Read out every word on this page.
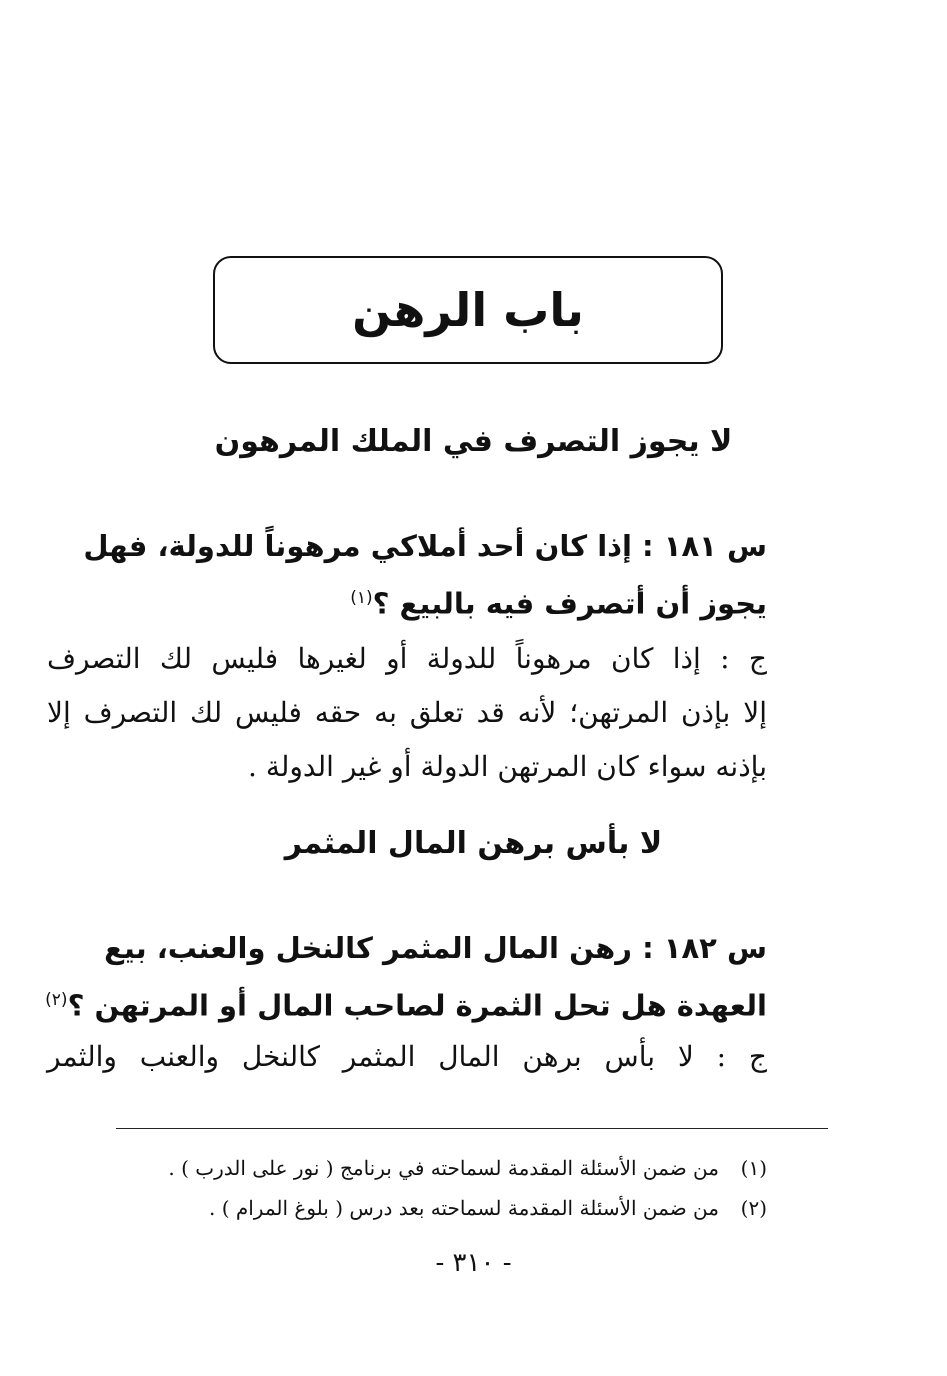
باب الرهن
لا يجوز التصرف في الملك المرهون
س ١٨١ : إذا كان أحد أملاكي مرهوناً للدولة، فهل
يجوز أن أتصرف فيه بالبيع ؟$^{(١)}$
ج : إذا كان مرهوناً للدولة أو لغيرها فليس لك التصرف
إلا بإذن المرتهن؛ لأنه قد تعلق به حقه فليس لك التصرف إلا
بإذنه سواء كان المرتهن الدولة أو غير الدولة .
لا بأس برهن المال المثمر
س ١٨٢ : رهن المال المثمر كالنخل والعنب، بيع
العهدة هل تحل الثمرة لصاحب المال أو المرتهن ؟$^{(٢)}$
ج : لا بأس برهن المال المثمر كالنخل والعنب والثمر
(١)من ضمن الأسئلة المقدمة لسماحته في برنامج ( نور على الدرب ) .
(٢)من ضمن الأسئلة المقدمة لسماحته بعد درس ( بلوغ المرام ) .
- ٣١٠ -
